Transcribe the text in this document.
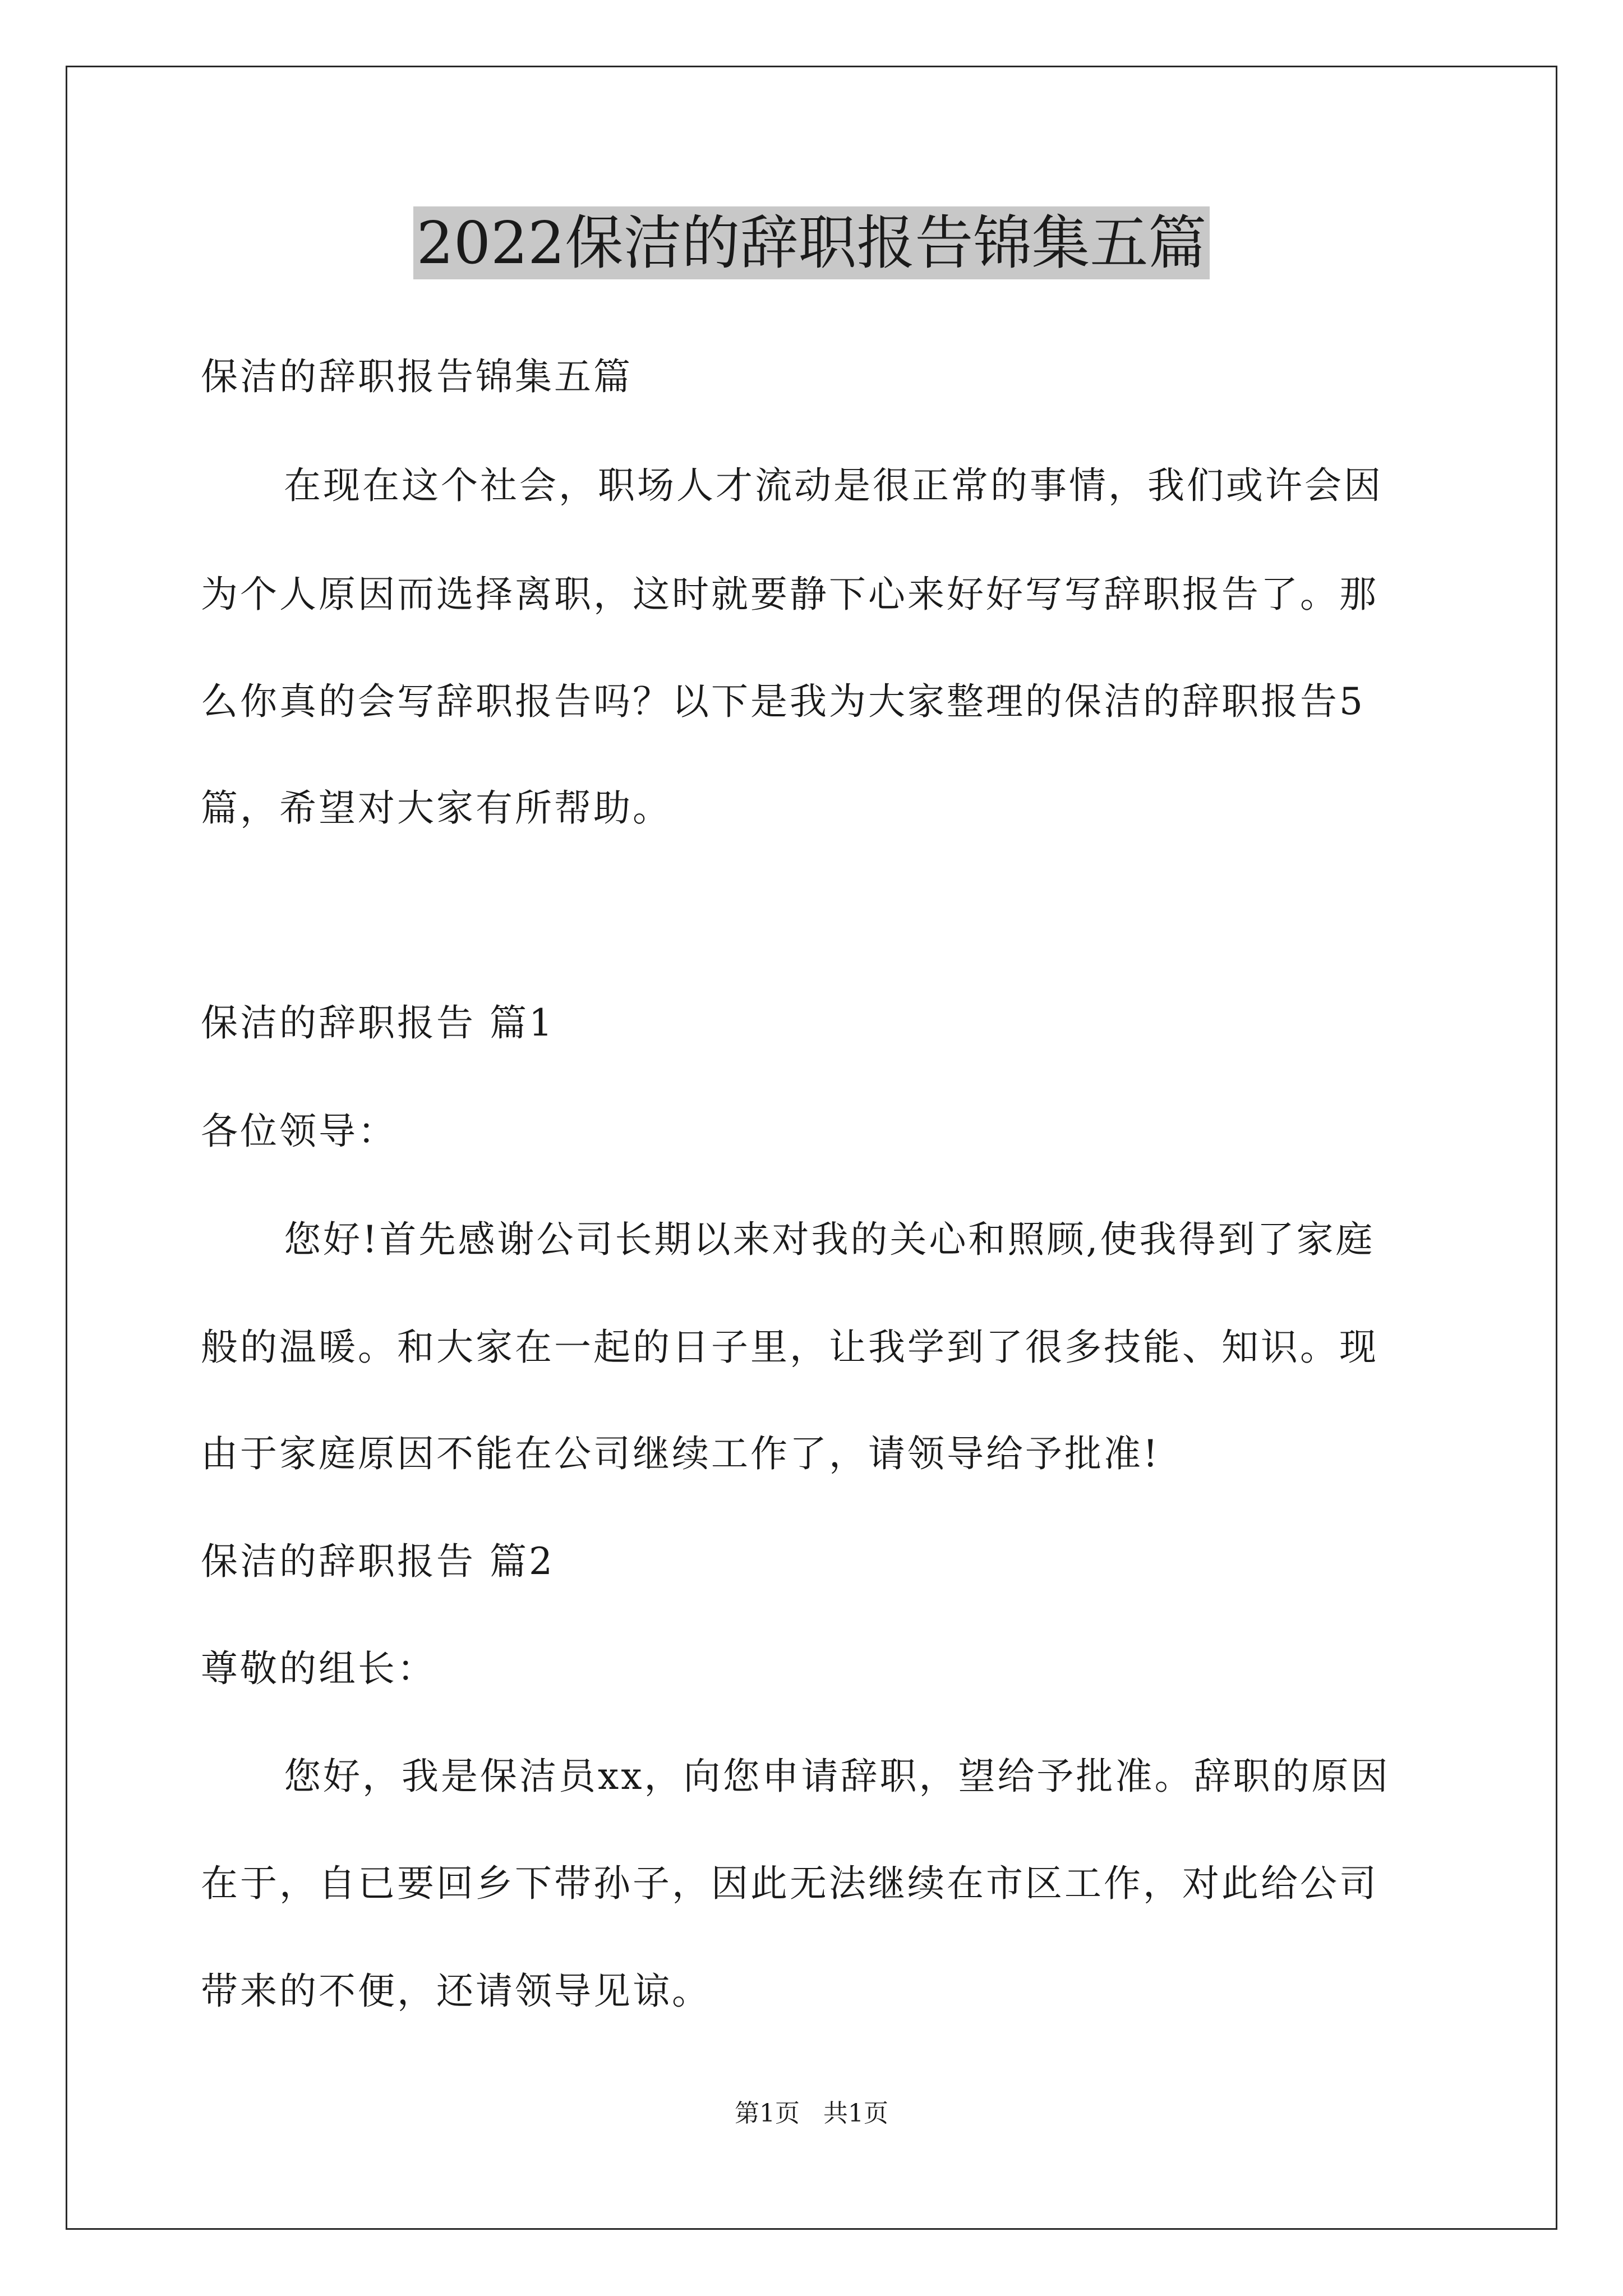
2022保洁的辞职报告锦集五篇
保洁的辞职报告锦集五篇
在现在这个社会，职场人才流动是很正常的事情，我们或许会因
为个人原因而选择离职，这时就要静下心来好好写写辞职报告了。那
么你真的会写辞职报告吗？以下是我为大家整理的保洁的辞职报告5
篇，希望对大家有所帮助。
保洁的辞职报告 篇1
各位领导：
您好!首先感谢公司长期以来对我的关心和照顾,使我得到了家庭
般的温暖。和大家在一起的日子里，让我学到了很多技能、知识。现
由于家庭原因不能在公司继续工作了，请领导给予批准!
保洁的辞职报告 篇2
尊敬的组长：
您好，我是保洁员xx，向您申请辞职，望给予批准。辞职的原因
在于，自已要回乡下带孙子，因此无法继续在市区工作，对此给公司
带来的不便，还请领导见谅。
第1页   共1页
